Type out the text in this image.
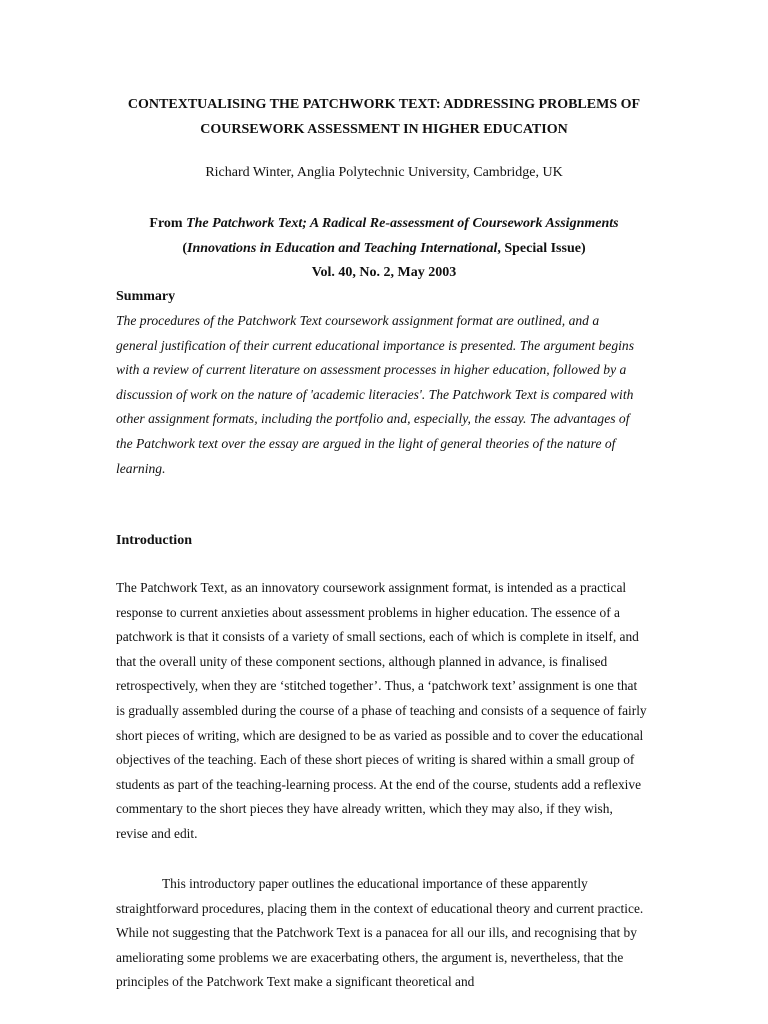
CONTEXTUALISING THE PATCHWORK TEXT: ADDRESSING PROBLEMS OF
COURSEWORK ASSESSMENT IN HIGHER EDUCATION

Richard Winter, Anglia Polytechnic University, Cambridge, UK

From The Patchwork Text; A Radical Re-assessment of Coursework Assignments
(Innovations in Education and Teaching International, Special Issue)
Vol. 40, No. 2, May 2003

Summary

The procedures of the Patchwork Text coursework assignment format are outlined, and a general justification of their current educational importance is presented. The argument begins with a review of current literature on assessment processes in higher education, followed by a discussion of work on the nature of 'academic literacies'. The Patchwork Text is compared with other assignment formats, including the portfolio and, especially, the essay. The advantages of the Patchwork text over the essay are argued in the light of general theories of the nature of learning.

Introduction

The Patchwork Text, as an innovatory coursework assignment format, is intended as a practical response to current anxieties about assessment problems in higher education. The essence of a patchwork is that it consists of a variety of small sections, each of which is complete in itself, and that the overall unity of these component sections, although planned in advance, is finalised retrospectively, when they are ‘stitched together’. Thus, a ‘patchwork text’ assignment is one that is gradually assembled during the course of a phase of teaching and consists of a sequence of fairly short pieces of writing, which are designed to be as varied as possible and to cover the educational objectives of the teaching. Each of these short pieces of writing is shared within a small group of students as part of the teaching-learning process. At the end of the course, students add a reflexive commentary to the short pieces they have already written, which they may also, if they wish, revise and edit.

This introductory paper outlines the educational importance of these apparently straightforward procedures, placing them in the context of educational theory and current practice. While not suggesting that the Patchwork Text is a panacea for all our ills, and recognising that by ameliorating some problems we are exacerbating others, the argument is, nevertheless, that the principles of the Patchwork Text make a significant theoretical and
